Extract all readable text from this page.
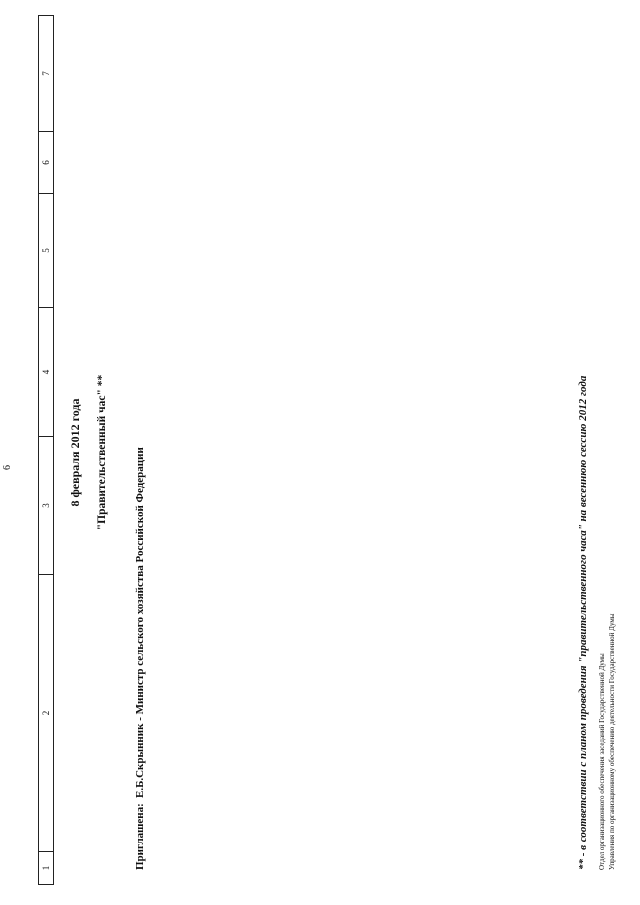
6
1
2
3
4
5
6
7
8 февраля 2012 года "Правительственный час" **
Приглашена:Е.Б.Скрынник - Министр сельского хозяйства Российской Федерации	** - в соответствии с планом проведения "правительственного часа" на весеннюю сессию 2012 года Отдел организационного обеспечения заседаний Государственной Думы Управления по организационному обеспечению деятельности Государственной Думы
